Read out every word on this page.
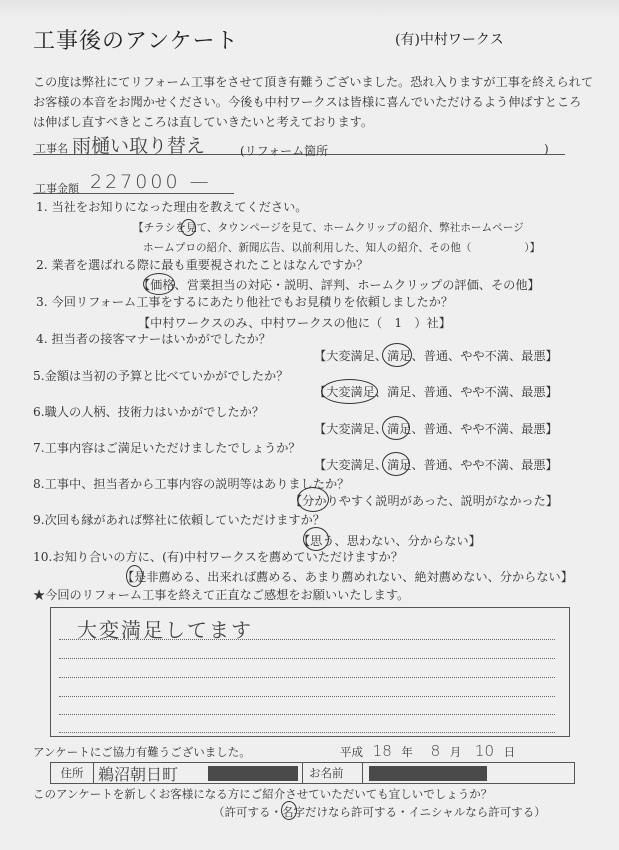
工事後のアンケート	(有)中村ワークス
この度は弊社にてリフォーム工事をさせて頂き有難うございました。恐れ入りますが工事を終えられてお客様の本音をお聞かせください。今後も中村ワークスは皆様に喜んでいただけるよう伸ばすところは伸ばし直すべきところは直していきたいと考えております。
工事名 雨樋い取り替え	(リフォーム箇所	)
工事金額 227000 —
1. 当社をお知りになった理由を教えてください。
【チラシを見て、タウンページを見て、ホームクリップの紹介、弊社ホームページ
ホームプロの紹介、新聞広告、以前利用した、知人の紹介、その他（　　　　　）】
2. 業者を選ばれる際に最も重要視されたことはなんですか？
【価格、営業担当の対応・説明、評判、ホームクリップの評価、その他】
3. 今回リフォーム工事をするにあたり他社でもお見積りを依頼しましたか？
【中村ワークスのみ、中村ワークスの他に（　1　）社】
4. 担当者の接客マナーはいかがでしたか？
【大変満足、満足、普通、やや不満、最悪】
5.金額は当初の予算と比べていかがでしたか？
【大変満足、満足、普通、やや不満、最悪】
6.職人の人柄、技術力はいかがでしたか？
【大変満足、満足、普通、やや不満、最悪】
7.工事内容はご満足いただけましたでしょうか？
【大変満足、満足、普通、やや不満、最悪】
8.工事中、担当者から工事内容の説明等はありましたか？
【分かりやすく説明があった、説明がなかった】
9.次回も縁があれば弊社に依頼していただけますか？
【思う、思わない、分からない】
10.お知り合いの方に、(有)中村ワークスを薦めていただけますか？
【是非薦める、出来れば薦める、あまり薦めれない、絶対薦めない、分からない】
★今回のリフォーム工事を終えて正直なご感想をお願いいたします。
大変満足してます
アンケートにご協力有難うございました。	平成 18 年 8 月 10 日
住所 鵜沼朝日町	お名前
このアンケートを新しくお客様になる方にご紹介させていただいても宜しいでしょうか？
（許可する・名字だけなら許可する・イニシャルなら許可する）
